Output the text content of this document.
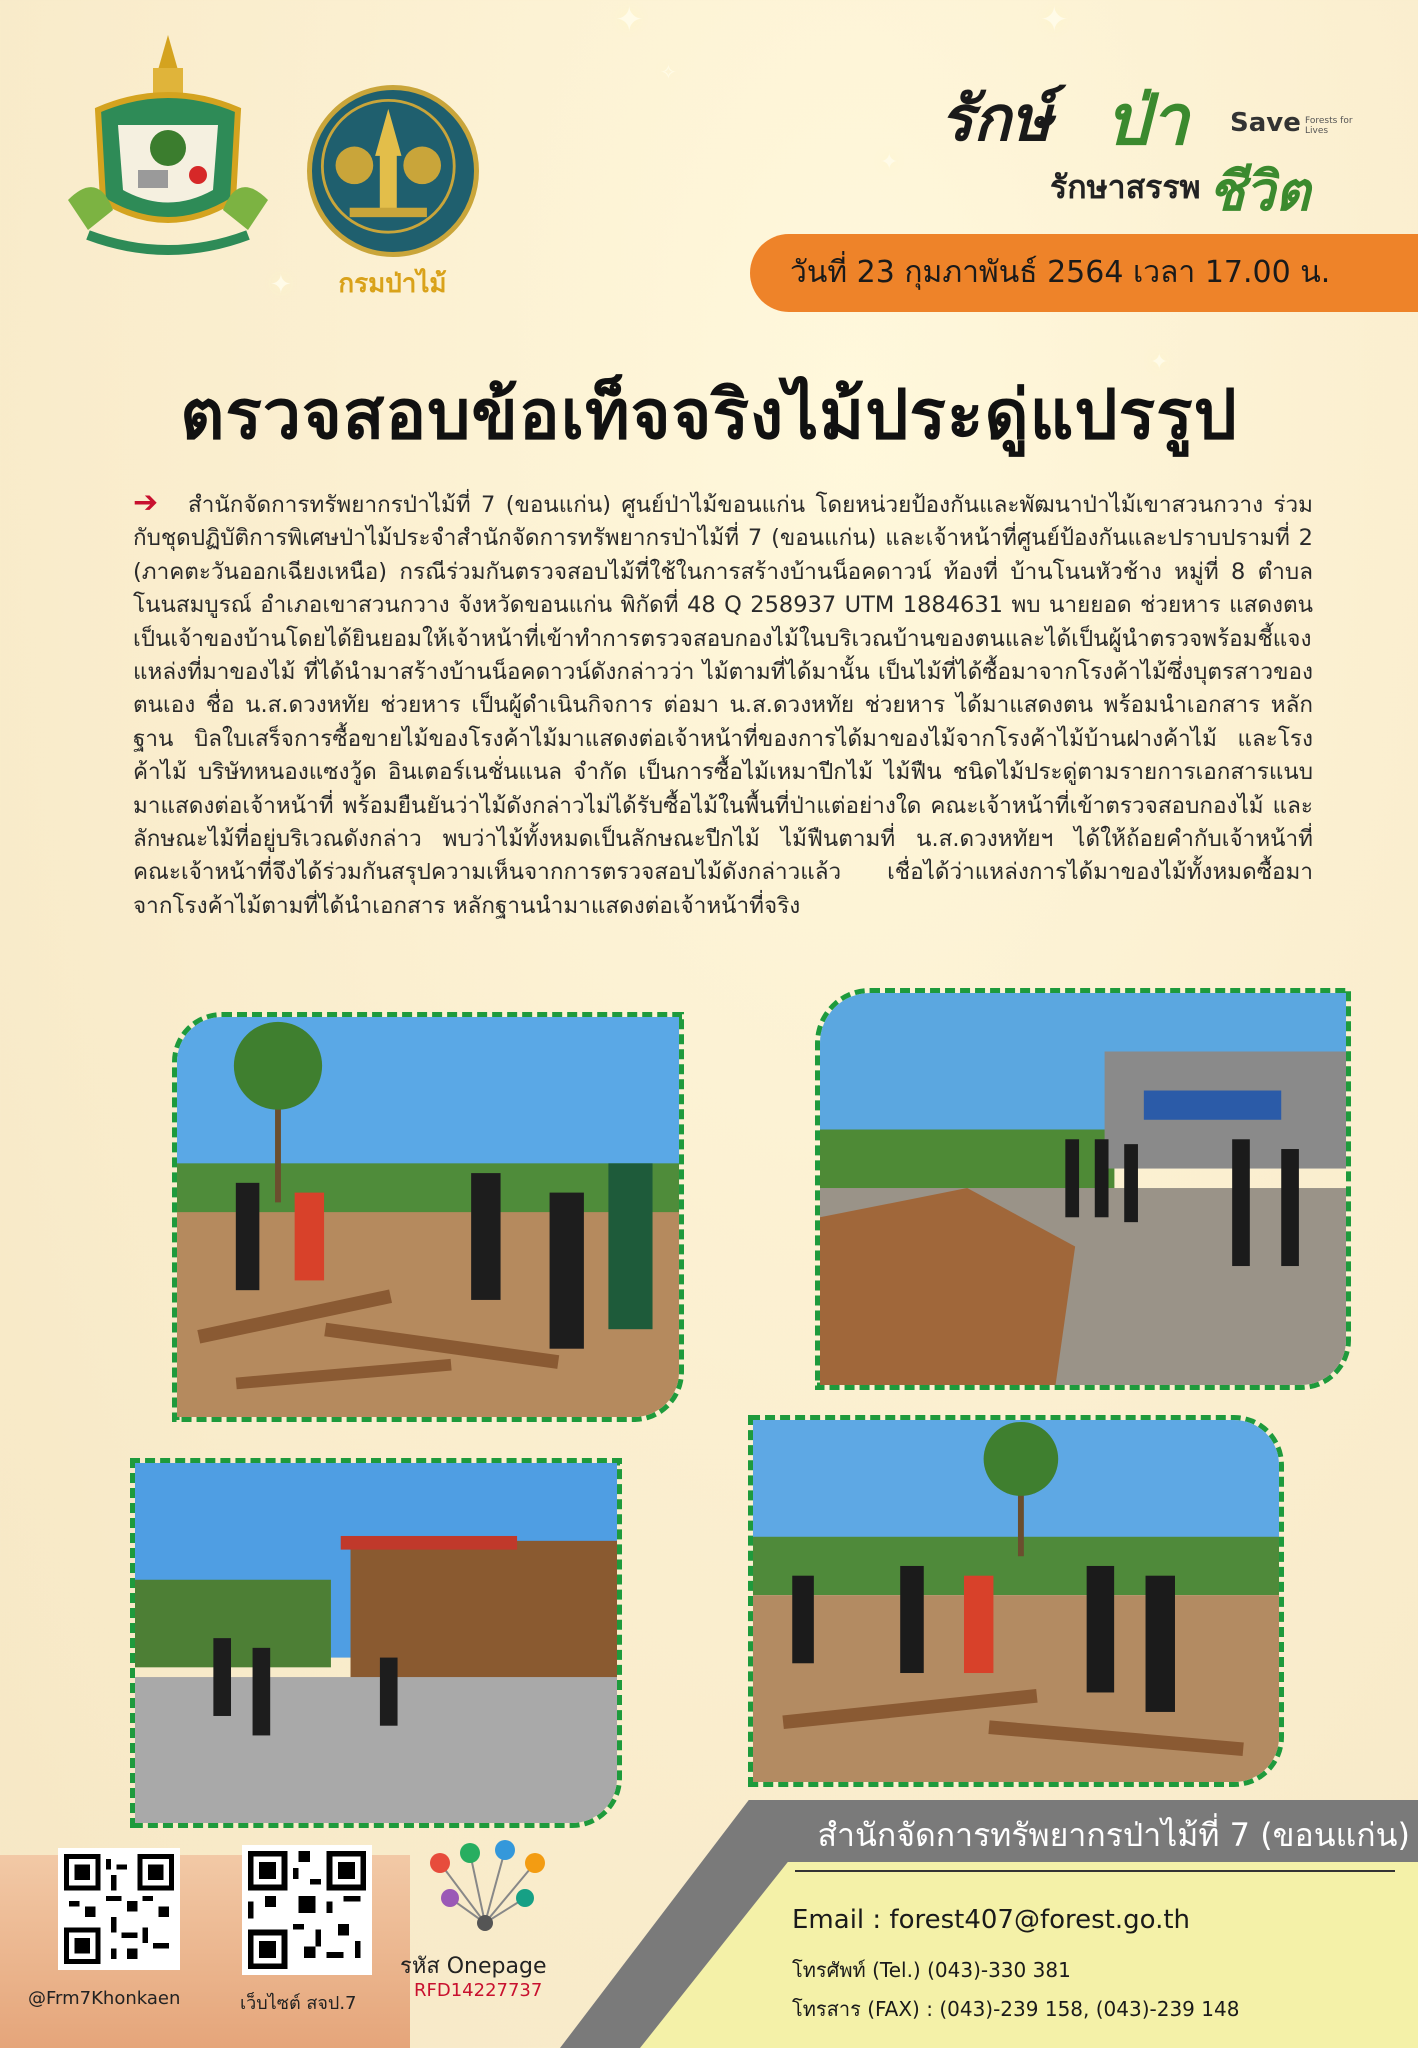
✦	✦
✦
✧
✦
✦
กรมป่าไม้
รักษ์ ป่า Save Forests for Lives
รักษาสรรพ ชีวิต
วันที่ 23 กุมภาพันธ์ 2564 เวลา 17.00 น.
ตรวจสอบข้อเท็จจริงไม้ประดู่แปรรูป
➔ สำนักจัดการทรัพยากรป่าไม้ที่ 7 (ขอนแก่น) ศูนย์ป่าไม้ขอนแก่น โดยหน่วยป้องกันและพัฒนาป่าไม้เขาสวนกวาง ร่วมกับชุดปฏิบัติการพิเศษป่าไม้ประจำสำนักจัดการทรัพยากรป่าไม้ที่ 7 (ขอนแก่น) และเจ้าหน้าที่ศูนย์ป้องกันและปราบปรามที่ 2 (ภาคตะวันออกเฉียงเหนือ) กรณีร่วมกันตรวจสอบไม้ที่ใช้ในการสร้างบ้านน็อคดาวน์ ท้องที่ บ้านโนนหัวช้าง หมู่ที่ 8 ตำบลโนนสมบูรณ์ อำเภอเขาสวนกวาง จังหวัดขอนแก่น พิกัดที่ 48 Q 258937 UTM 1884631 พบ นายยอด ช่วยหาร แสดงตนเป็นเจ้าของบ้านโดยได้ยินยอมให้เจ้าหน้าที่เข้าทำการตรวจสอบกองไม้ในบริเวณบ้านของตนและได้เป็นผู้นำตรวจพร้อมชี้แจงแหล่งที่มาของไม้ ที่ได้นำมาสร้างบ้านน็อคดาวน์ดังกล่าวว่า ไม้ตามที่ได้มานั้น เป็นไม้ที่ได้ซื้อมาจากโรงค้าไม้ซึ่งบุตรสาวของตนเอง ชื่อ น.ส.ดวงหทัย ช่วยหาร เป็นผู้ดำเนินกิจการ ต่อมา น.ส.ดวงหทัย ช่วยหาร ได้มาแสดงตน พร้อมนำเอกสาร หลักฐาน บิลใบเสร็จการซื้อขายไม้ของโรงค้าไม้มาแสดงต่อเจ้าหน้าที่ของการได้มาของไม้จากโรงค้าไม้บ้านฝางค้าไม้ และโรงค้าไม้ บริษัทหนองแซงวู้ด อินเตอร์เนชั่นแนล จำกัด เป็นการซื้อไม้เหมาปีกไม้ ไม้ฟืน ชนิดไม้ประดู่ตามรายการเอกสารแนบมาแสดงต่อเจ้าหน้าที่ พร้อมยืนยันว่าไม้ดังกล่าวไม่ได้รับซื้อไม้ในพื้นที่ป่าแต่อย่างใด คณะเจ้าหน้าที่เข้าตรวจสอบกองไม้ และลักษณะไม้ที่อยู่บริเวณดังกล่าว พบว่าไม้ทั้งหมดเป็นลักษณะปีกไม้ ไม้ฟืนตามที่ น.ส.ดวงหทัยฯ ได้ให้ถ้อยคำกับเจ้าหน้าที่ คณะเจ้าหน้าที่จึงได้ร่วมกันสรุปความเห็นจากการตรวจสอบไม้ดังกล่าวแล้ว เชื่อได้ว่าแหล่งการได้มาของไม้ทั้งหมดซื้อมาจากโรงค้าไม้ตามที่ได้นำเอกสาร หลักฐานนำมาแสดงต่อเจ้าหน้าที่จริง
สำนักจัดการทรัพยากรป่าไม้ที่ 7 (ขอนแก่น)
Email : forest407@forest.go.th
โทรศัพท์ (Tel.) (043)-330 381
โทรสาร (FAX) : (043)-239 158, (043)-239 148
@Frm7Khonkaen	เว็บไซต์ สจป.7
รหัส Onepage
RFD14227737
